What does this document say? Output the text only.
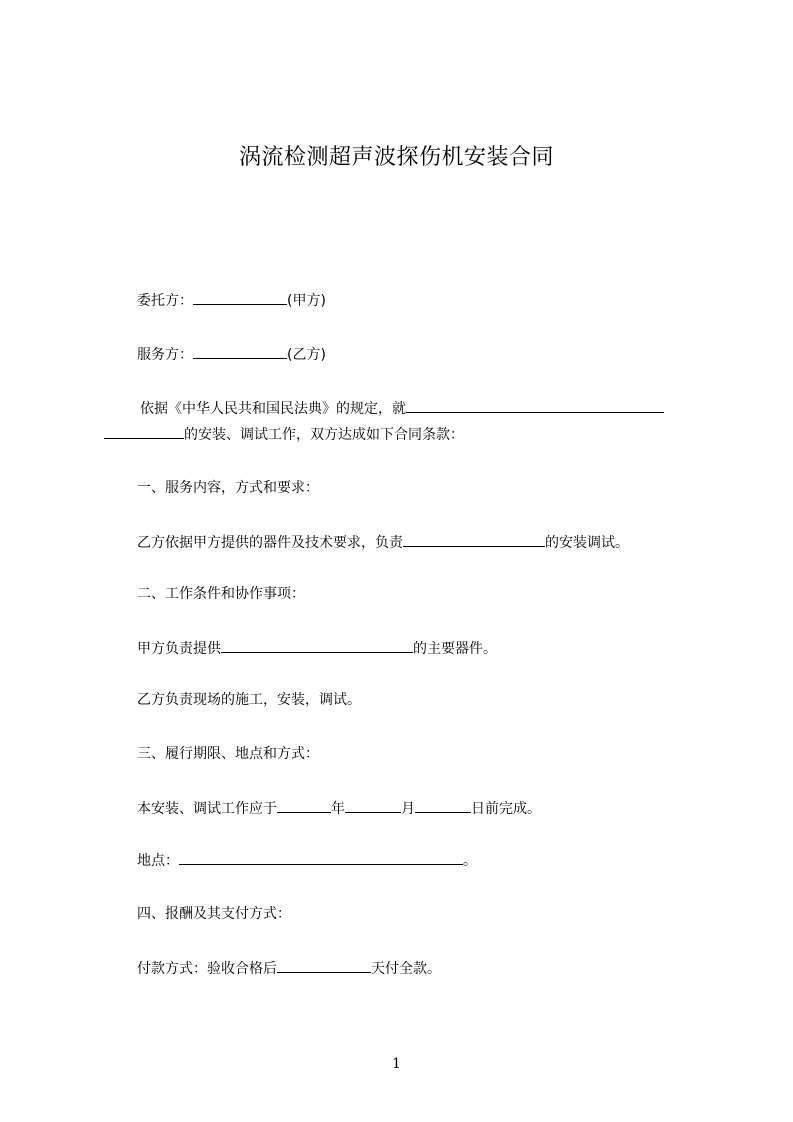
涡流检测超声波探伤机安装合同
委托方：	(甲方)
服务方：	(乙方)
依据《中华人民共和国民法典》的规定，就
的安装、调试工作，双方达成如下合同条款：
一、服务内容，方式和要求：
乙方依据甲方提供的器件及技术要求，负责	的安装调试。
二、工作条件和协作事项：
甲方负责提供	的主要器件。
乙方负责现场的施工，安装，调试。
三、履行期限、地点和方式：
本安装、调试工作应于	年	月	日前完成。
地点：	。
四、报酬及其支付方式：
付款方式：验收合格后	天付全款。
1
